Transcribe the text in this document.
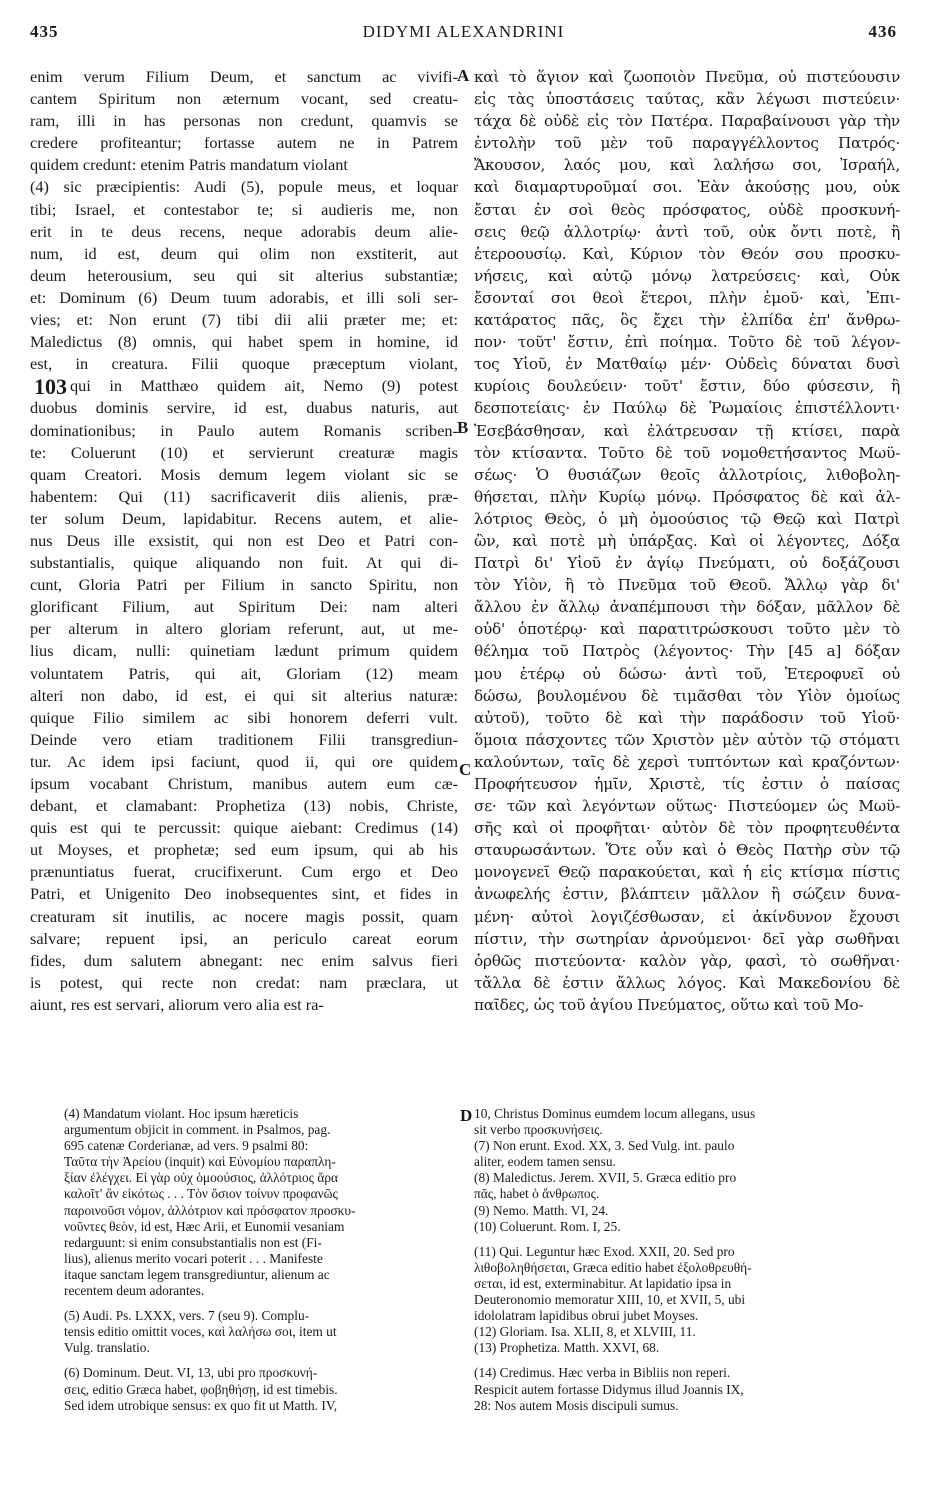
435	DIDYMI ALEXANDRINI	436

enim verum Filium Deum, et sanctum ac vivifi-

cantem Spiritum non æternum vocant, sed creatu-

ram, illi in has personas non credunt, quamvis se

credere profiteantur; fortasse autem ne in Patrem

quidem credunt: etenim Patris mandatum violant

(4) sic præcipientis: Audi (5), popule meus, et loquar

tibi; Israel, et contestabor te; si audieris me, non

erit in te deus recens, neque adorabis deum alie-

num, id est, deum qui olim non exstiterit, aut

deum heterousium, seu qui sit alterius substantiæ;

et: Dominum (6) Deum tuum adorabis, et illi soli ser-

vies; et: Non erunt (7) tibi dii alii præter me; et:

Maledictus (8) omnis, qui habet spem in homine, id

est, in creatura. Filii quoque præceptum violant,

qui in Matthæo quidem ait, Nemo (9) potest

duobus dominis servire, id est, duabus naturis, aut

dominationibus; in Paulo autem Romanis scriben-

te: Coluerunt (10) et servierunt creaturæ magis

quam Creatori. Mosis demum legem violant sic se

habentem: Qui (11) sacrificaverit diis alienis, præ-

ter solum Deum, lapidabitur. Recens autem, et alie-

nus Deus ille exsistit, qui non est Deo et Patri con-

substantialis, quique aliquando non fuit. At qui di-

cunt, Gloria Patri per Filium in sancto Spiritu, non

glorificant Filium, aut Spiritum Dei: nam alteri

per alterum in altero gloriam referunt, aut, ut me-

lius dicam, nulli: quinetiam lædunt primum quidem

voluntatem Patris, qui ait, Gloriam (12) meam

alteri non dabo, id est, ei qui sit alterius naturæ:

quique Filio similem ac sibi honorem deferri vult.

Deinde vero etiam traditionem Filii transgrediun-

tur. Ac idem ipsi faciunt, quod ii, qui ore quidem

ipsum vocabant Christum, manibus autem eum cæ-

debant, et clamabant: Prophetiza (13) nobis, Christe,

quis est qui te percussit: quique aiebant: Credimus (14)

ut Moyses, et prophetæ; sed eum ipsum, qui ab his

prænuntiatus fuerat, crucifixerunt. Cum ergo et Deo

Patri, et Unigenito Deo inobsequentes sint, et fides in

creaturam sit inutilis, ac nocere magis possit, quam

salvare; repuent ipsi, an periculo careat eorum

fides, dum salutem abnegant: nec enim salvus fieri

is potest, qui recte non credat: nam præclara, ut

aiunt, res est servari, aliorum vero alia est ra-

καὶ τὸ ἅγιον καὶ ζωοποιὸν Πνεῦμα, οὐ πιστεύουσιν

εἰς τὰς ὑποστάσεις ταύτας, κἂν λέγωσι πιστεύειν·

τάχα δὲ οὐδὲ εἰς τὸν Πατέρα. Παραβαίνουσι γὰρ τὴν

ἐντολὴν τοῦ μὲν τοῦ παραγγέλλοντος Πατρός·

Ἄκουσον, λαός μου, καὶ λαλήσω σοι, Ἰσραήλ,

καὶ διαμαρτυροῦμαί σοι. Ἐὰν ἀκούσῃς μου, οὐκ

ἔσται ἐν σοὶ θεὸς πρόσφατος, οὐδὲ προσκυνή-

σεις θεῷ ἀλλοτρίῳ· ἀντὶ τοῦ, οὐκ ὄντι ποτὲ, ἢ

ἑτεροουσίῳ. Καὶ, Κύριον τὸν Θεόν σου προσκυ-

νήσεις, καὶ αὐτῷ μόνῳ λατρεύσεις· καὶ, Οὐκ

ἔσονταί σοι θεοὶ ἕτεροι, πλὴν ἐμοῦ· καὶ, Ἐπι-

κατάρατος πᾶς, ὃς ἔχει τὴν ἐλπίδα ἐπ' ἄνθρω-

πον· τοῦτ' ἔστιν, ἐπὶ ποίημα. Τοῦτο δὲ τοῦ λέγον-

τος Υἱοῦ, ἐν Ματθαίῳ μέν· Οὐδεὶς δύναται δυσὶ

κυρίοις δουλεύειν· τοῦτ' ἔστιν, δύο φύσεσιν, ἢ

δεσποτείαις· ἐν Παύλῳ δὲ Ῥωμαίοις ἐπιστέλλοντι·

Ἐσεβάσθησαν, καὶ ἐλάτρευσαν τῇ κτίσει, παρὰ

τὸν κτίσαντα. Τοῦτο δὲ τοῦ νομοθετήσαντος Μωϋ-

σέως· Ὁ θυσιάζων θεοῖς ἀλλοτρίοις, λιθοβολη-

θήσεται, πλὴν Κυρίῳ μόνῳ. Πρόσφατος δὲ καὶ ἀλ-

λότριος Θεὸς, ὁ μὴ ὁμοούσιος τῷ Θεῷ καὶ Πατρὶ

ὢν, καὶ ποτὲ μὴ ὑπάρξας. Καὶ οἱ λέγοντες, Δόξα

Πατρὶ δι' Υἱοῦ ἐν ἁγίῳ Πνεύματι, οὐ δοξάζουσι

τὸν Υἱὸν, ἢ τὸ Πνεῦμα τοῦ Θεοῦ. Ἄλλῳ γὰρ δι'

ἄλλου ἐν ἄλλῳ ἀναπέμπουσι τὴν δόξαν, μᾶλλον δὲ

οὐδ' ὁποτέρῳ· καὶ παρατιτρώσκουσι τοῦτο μὲν τὸ

θέλημα τοῦ Πατρὸς (λέγοντος· Τὴν [45 a] δόξαν

μου ἑτέρῳ οὐ δώσω· ἀντὶ τοῦ, Ἑτεροφυεῖ οὐ

δώσω, βουλομένου δὲ τιμᾶσθαι τὸν Υἱὸν ὁμοίως

αὐτοῦ), τοῦτο δὲ καὶ τὴν παράδοσιν τοῦ Υἱοῦ·

ὅμοια πάσχοντες τῶν Χριστὸν μὲν αὐτὸν τῷ στόματι

καλούντων, ταῖς δὲ χερσὶ τυπτόντων καὶ κραζόντων·

Προφήτευσον ἡμῖν, Χριστὲ, τίς ἐστιν ὁ παίσας

σε· τῶν καὶ λεγόντων οὕτως· Πιστεύομεν ὡς Μωϋ-

σῆς καὶ οἱ προφῆται· αὐτὸν δὲ τὸν προφητευθέντα

σταυρωσάντων. Ὅτε οὖν καὶ ὁ Θεὸς Πατὴρ σὺν τῷ

μονογενεῖ Θεῷ παρακούεται, καὶ ἡ εἰς κτίσμα πίστις

ἀνωφελής ἐστιν, βλάπτειν μᾶλλον ἢ σώζειν δυνα-

μένη· αὐτοὶ λογιζέσθωσαν, εἰ ἀκίνδυνον ἔχουσι

πίστιν, τὴν σωτηρίαν ἀρνούμενοι· δεῖ γὰρ σωθῆναι

ὀρθῶς πιστεύοντα· καλὸν γὰρ, φασὶ, τὸ σωθῆναι·

τἄλλα δὲ ἐστιν ἄλλως λόγος. Καὶ Μακεδονίου δὲ

παῖδες, ὡς τοῦ ἁγίου Πνεύματος, οὕτω καὶ τοῦ Μο-

A
B
C
D
103

(4) Mandatum violant. Hoc ipsum hæreticis

argumentum objicit in comment. in Psalmos, pag.

695 catenæ Corderianæ, ad vers. 9 psalmi 80:

Ταῦτα τὴν Ἀρείου (inquit) καὶ Εὐνομίου παραπλη-

ξίαν ἐλέγχει. Εἰ γὰρ οὐχ ὁμοούσιος, ἀλλότριος ἄρα

καλοῖτ' ἂν εἰκότως . . . Τὸν ὅσιον τοίνυν προφανῶς

παροινοῦσι νόμον, ἀλλότριον καὶ πρόσφατον προσκυ-

νοῦντες θεὸν, id est, Hæc Arii, et Eunomii vesaniam

redarguunt: si enim consubstantialis non est (Fi-

lius), alienus merito vocari poterit . . . Manifeste

itaque sanctam legem transgrediuntur, alienum ac

recentem deum adorantes.

(5) Audi. Ps. LXXX, vers. 7 (seu 9). Complu-

tensis editio omittit voces, καὶ λαλήσω σοι, item ut

Vulg. translatio.

(6) Dominum. Deut. VI, 13, ubi pro προσκυνή-

σεις, editio Græca habet, φοβηθήσῃ, id est timebis.

Sed idem utrobique sensus: ex quo fit ut Matth. IV,

10, Christus Dominus eumdem locum allegans, usus

sit verbo προσκυνήσεις.

(7) Non erunt. Exod. XX, 3. Sed Vulg. int. paulo

aliter, eodem tamen sensu.

(8) Maledictus. Jerem. XVII, 5. Græca editio pro

πᾶς, habet ὁ ἄνθρωπος.

(9) Nemo. Matth. VI, 24.

(10) Coluerunt. Rom. I, 25.

(11) Qui. Leguntur hæc Exod. XXII, 20. Sed pro

λιθοβοληθήσεται, Græca editio habet ἐξολοθρευθή-

σεται, id est, exterminabitur. At lapidatio ipsa in

Deuteronomio memoratur XIII, 10, et XVII, 5, ubi

idololatram lapidibus obrui jubet Moyses.

(12) Gloriam. Isa. XLII, 8, et XLVIII, 11.

(13) Prophetiza. Matth. XXVI, 68.

(14) Credimus. Hæc verba in Bibliis non reperi.

Respicit autem fortasse Didymus illud Joannis IX,

28: Nos autem Mosis discipuli sumus.
